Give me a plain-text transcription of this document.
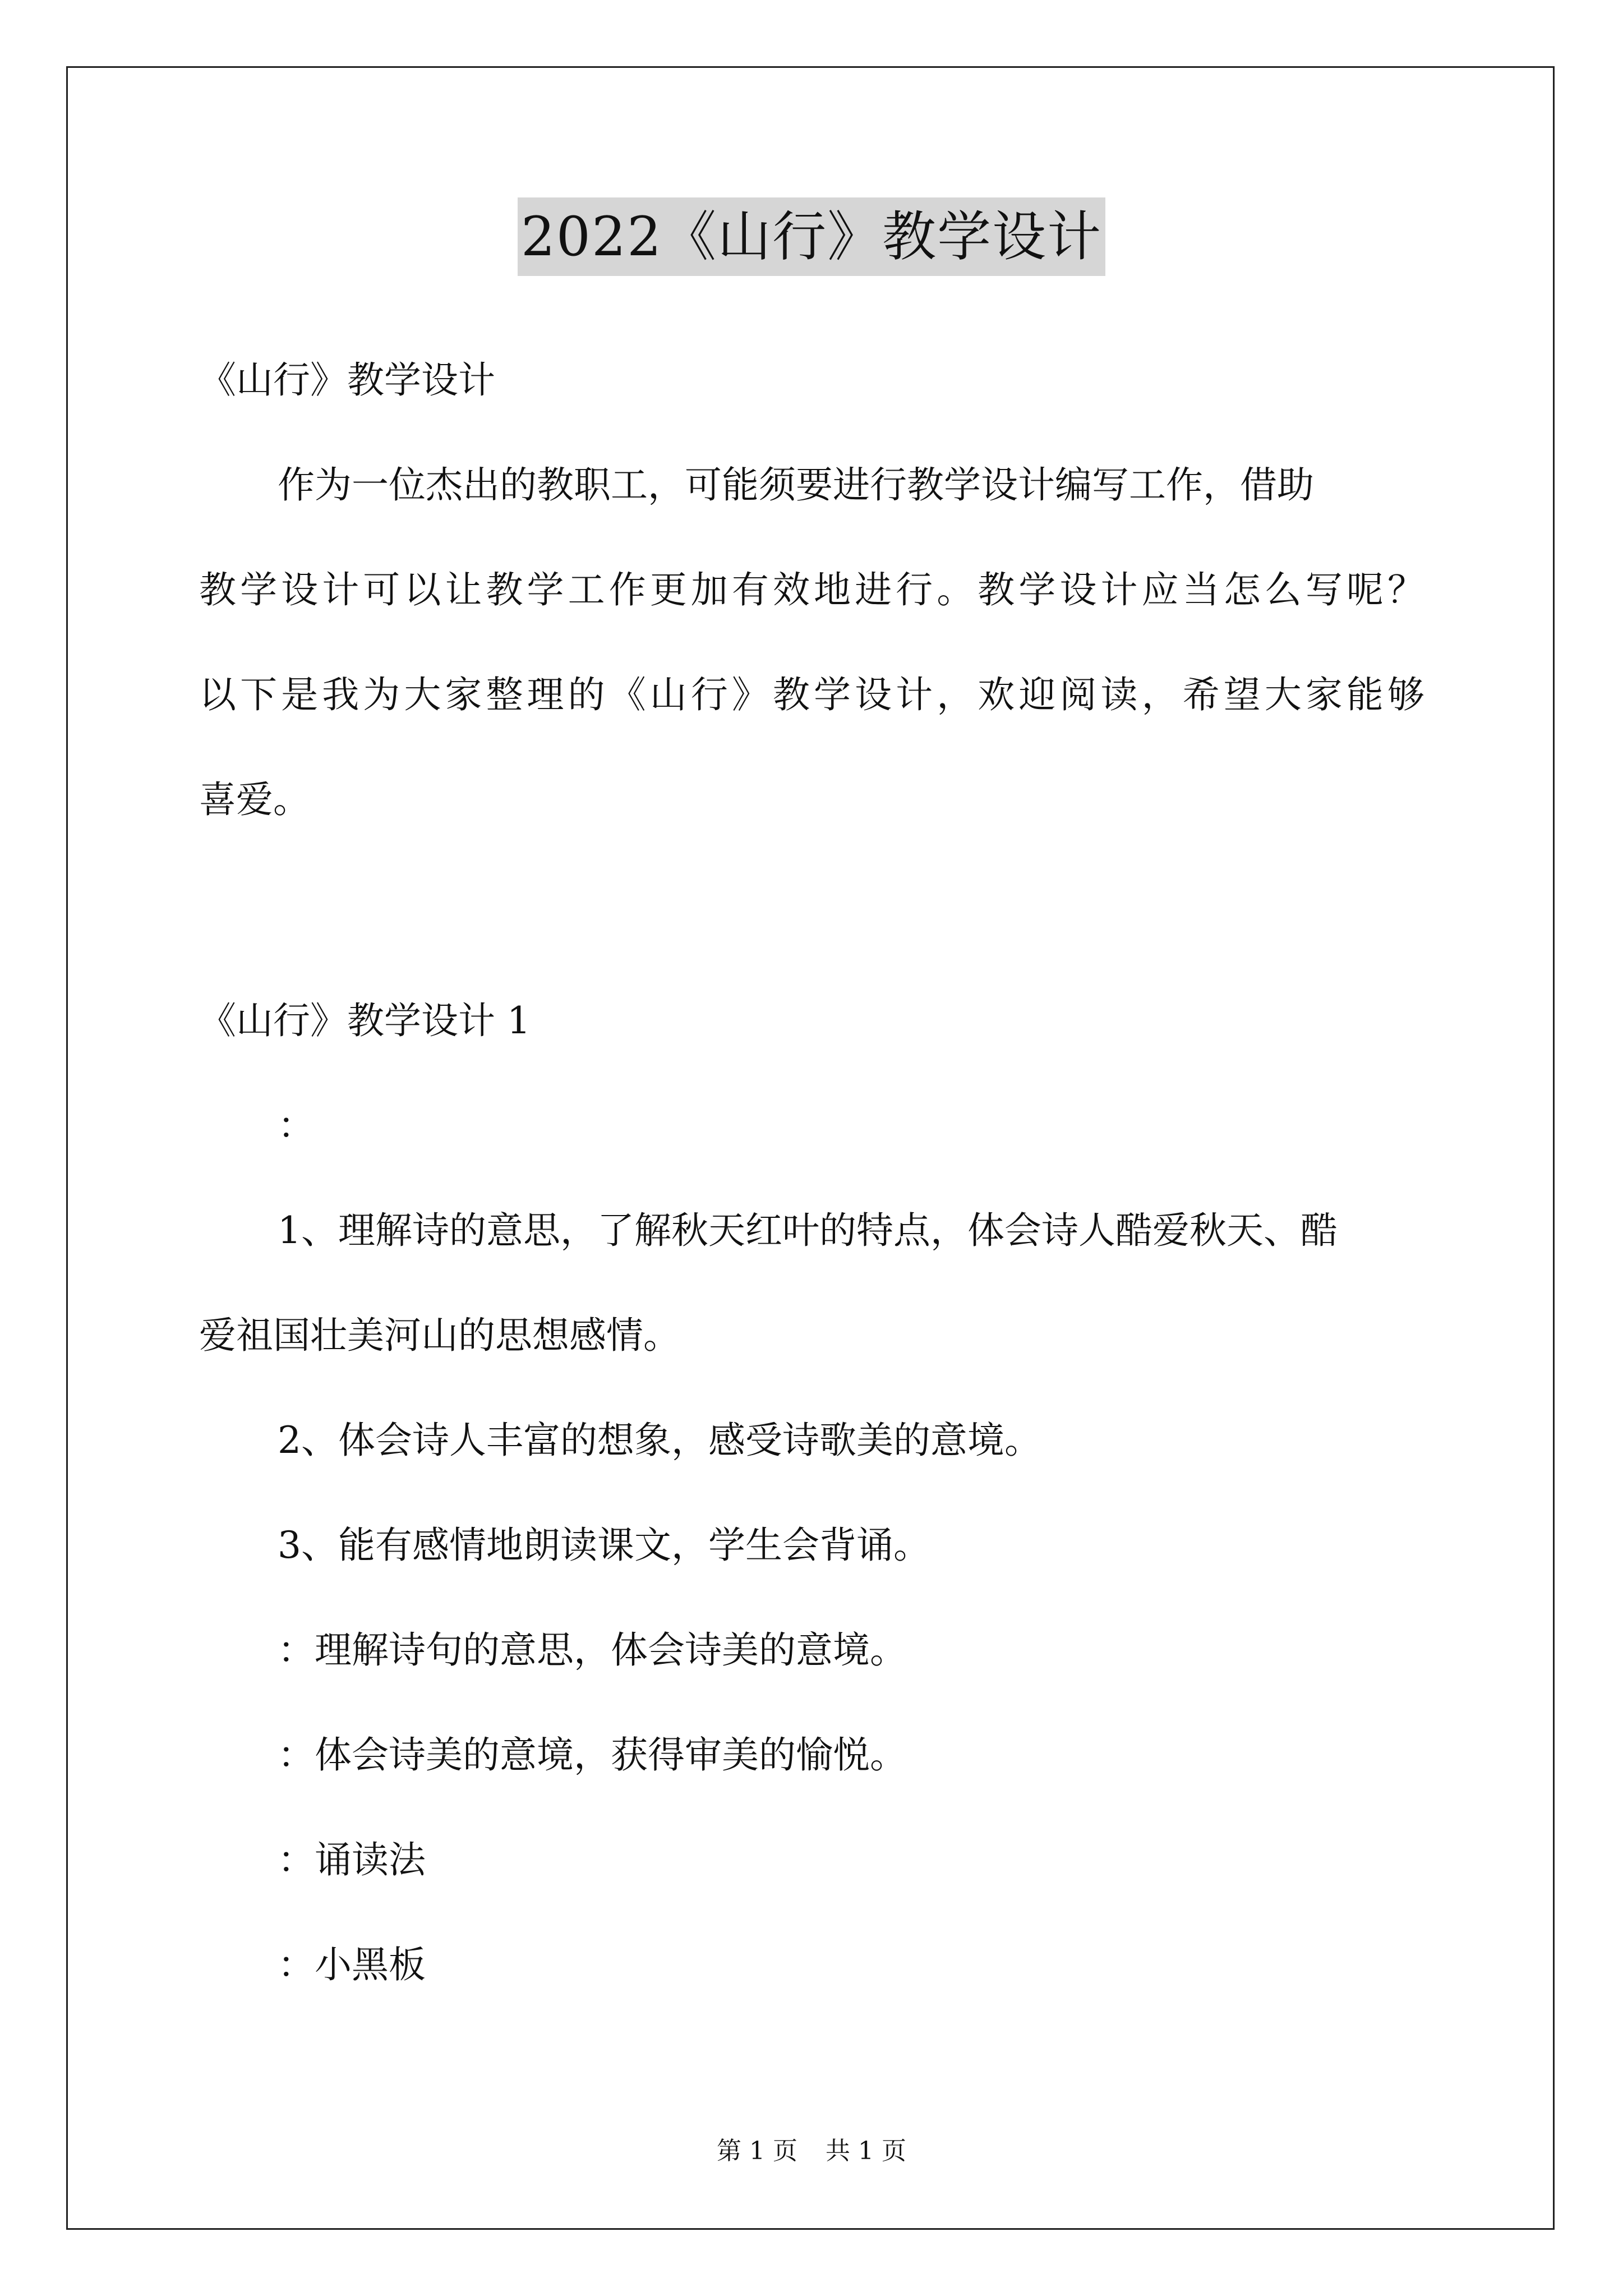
2022《山行》教学设计
《山行》教学设计
作为一位杰出的教职工，可能须要进行教学设计编写工作，借助
教学设计可以让教学工作更加有效地进行。教学设计应当怎么写呢？
以下是我为大家整理的《山行》教学设计，欢迎阅读，希望大家能够
喜爱。
《山行》教学设计 1
：
1、理解诗的意思，了解秋天红叶的特点，体会诗人酷爱秋天、酷
爱祖国壮美河山的思想感情。
2、体会诗人丰富的想象，感受诗歌美的意境。
3、能有感情地朗读课文，学生会背诵。
：理解诗句的意思，体会诗美的意境。
：体会诗美的意境，获得审美的愉悦。
：诵读法
：小黑板
第 1 页 共 1 页
